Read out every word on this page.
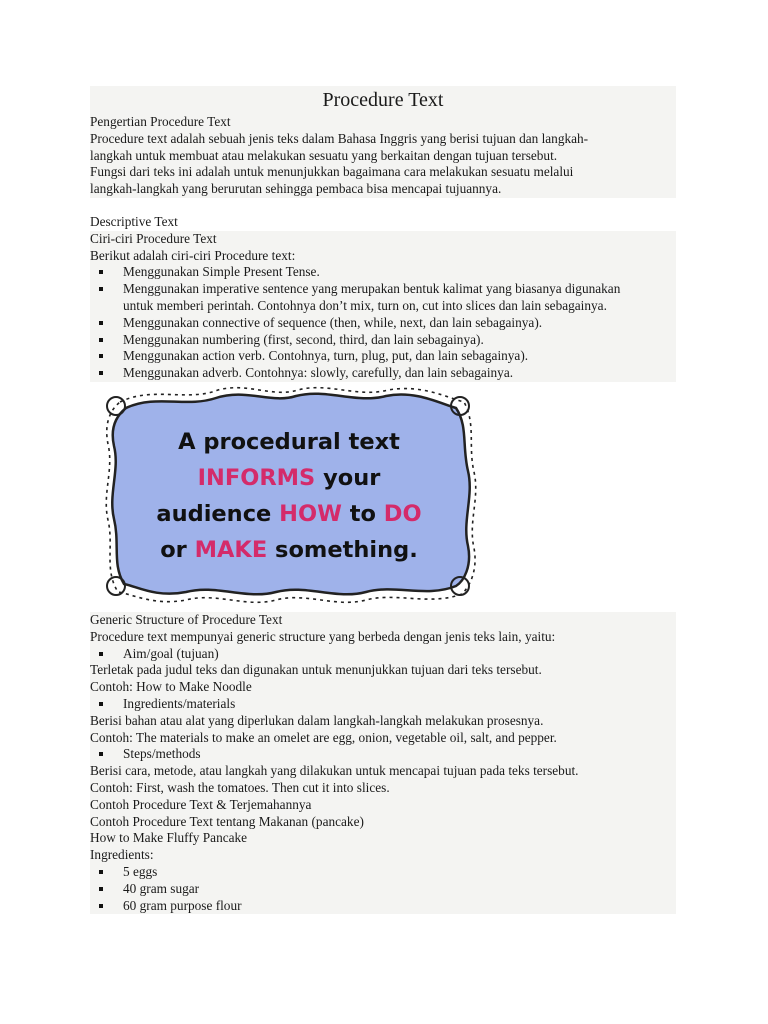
Procedure Text

Pengertian Procedure Text

Procedure text adalah sebuah jenis teks dalam Bahasa Inggris yang berisi tujuan dan langkah-

langkah untuk membuat atau melakukan sesuatu yang berkaitan dengan tujuan tersebut.

Fungsi dari teks ini adalah untuk menunjukkan bagaimana cara melakukan sesuatu melalui

langkah-langkah yang berurutan sehingga pembaca bisa mencapai tujuannya.

Descriptive Text

Ciri-ciri Procedure Text

Berikut adalah ciri-ciri Procedure text:

Menggunakan Simple Present Tense.
Menggunakan imperative sentence yang merupakan bentuk kalimat yang biasanya digunakan untuk memberi perintah. Contohnya don’t mix, turn on, cut into slices dan lain sebagainya.
Menggunakan connective of sequence (then, while, next, dan lain sebagainya).
Menggunakan numbering (first, second, third, dan lain sebagainya).
Menggunakan action verb. Contohnya, turn, plug, put, dan lain sebagainya).
Menggunakan adverb. Contohnya: slowly, carefully, dan lain sebagainya.
A procedural text
INFORMS your
audience HOW to DO
or MAKE something.

Generic Structure of Procedure Text

Procedure text mempunyai generic structure yang berbeda dengan jenis teks lain, yaitu:

Aim/goal (tujuan)

Terletak pada judul teks dan digunakan untuk menunjukkan tujuan dari teks tersebut.

Contoh: How to Make Noodle

Ingredients/materials

Berisi bahan atau alat yang diperlukan dalam langkah-langkah melakukan prosesnya.

Contoh: The materials to make an omelet are egg, onion, vegetable oil, salt, and pepper.

Steps/methods

Berisi cara, metode, atau langkah yang dilakukan untuk mencapai tujuan pada teks tersebut.

Contoh: First, wash the tomatoes. Then cut it into slices.

Contoh Procedure Text & Terjemahannya

Contoh Procedure Text tentang Makanan (pancake)

How to Make Fluffy Pancake

Ingredients:

5 eggs
40 gram sugar
60 gram purpose flour
